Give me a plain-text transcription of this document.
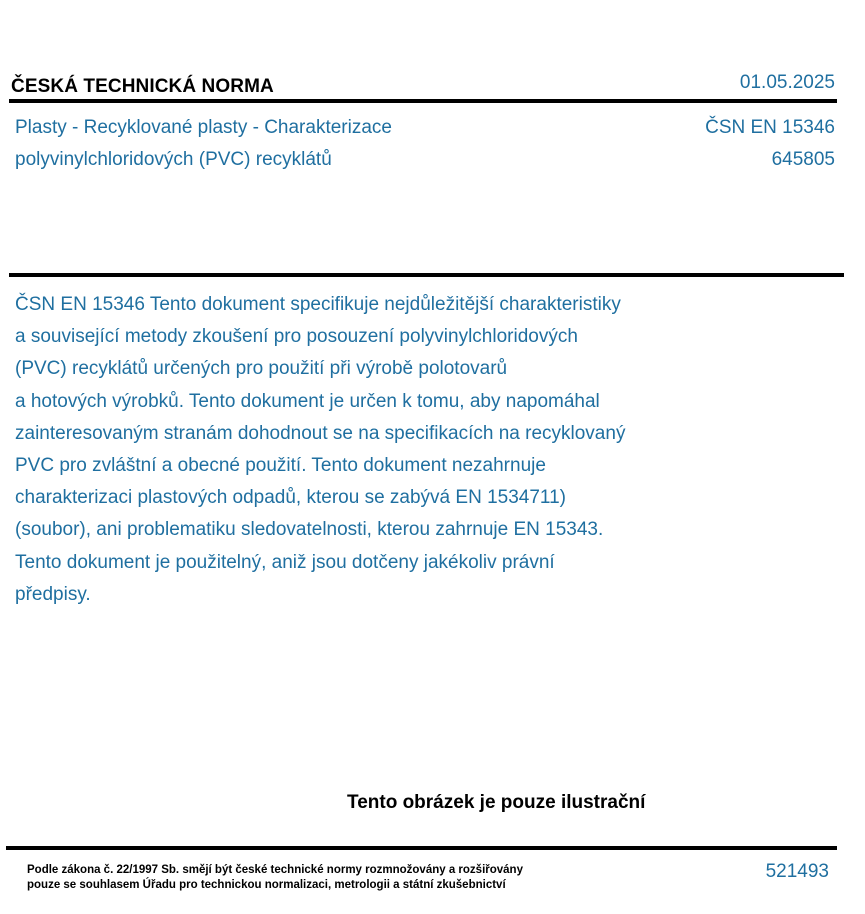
ČESKÁ TECHNICKÁ NORMA	01.05.2025
Plasty - Recyklované plasty - Charakterizace
polyvinylchloridových (PVC) recyklátů
ČSN EN 15346
645805
ČSN EN 15346 Tento dokument specifikuje nejdůležitější charakteristiky
a související metody zkoušení pro posouzení polyvinylchloridových
(PVC) recyklátů určených pro použití při výrobě polotovarů
a hotových výrobků. Tento dokument je určen k tomu, aby napomáhal
zainteresovaným stranám dohodnout se na specifikacích na recyklovaný
PVC pro zvláštní a obecné použití. Tento dokument nezahrnuje
charakterizaci plastových odpadů, kterou se zabývá EN 1534711)
(soubor), ani problematiku sledovatelnosti, kterou zahrnuje EN 15343.
Tento dokument je použitelný, aniž jsou dotčeny jakékoliv právní
předpisy.
Tento obrázek je pouze ilustrační
Podle zákona č. 22/1997 Sb. smějí být české technické normy rozmnožovány a rozšiřovány
pouze se souhlasem Úřadu pro technickou normalizaci, metrologii a státní zkušebnictví
521493
